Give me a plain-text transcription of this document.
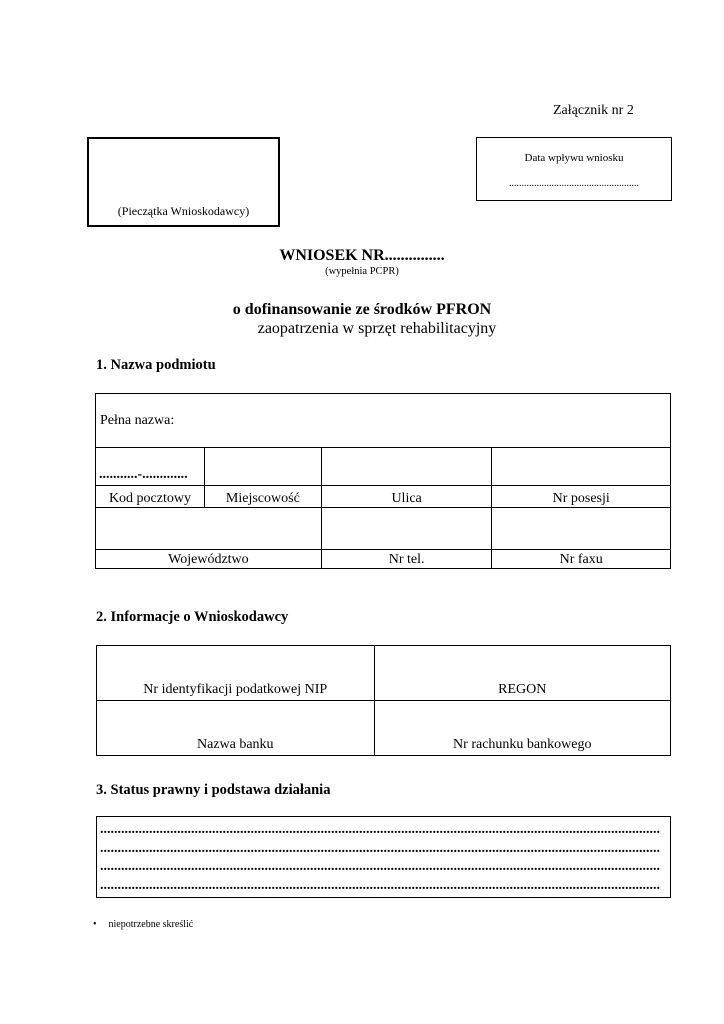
Załącznik nr 2
(Pieczątka Wnioskodawcy)
Data wpływu wniosku
....................................................
WNIOSEK NR...............
(wypełnia PCPR)
o dofinansowanie ze środków PFRON
zaopatrzenia w sprzęt rehabilitacyjny
1. Nazwa podmiotu
Pełna nazwa:			
...........-.............			
Kod pocztowy	Miejscowość	Ulica	Nr posesji

Województwo		Nr tel.	Nr faxu
2. Informacje o Wnioskodawcy
Nr identyfikacji podatkowej NIP	REGON
Nazwa banku	Nr rachunku bankowego
3. Status prawny i podstawa działania
................................................................................................................................................................
................................................................................................................................................................
................................................................................................................................................................
................................................................................................................................................................
• niepotrzebne skreślić
